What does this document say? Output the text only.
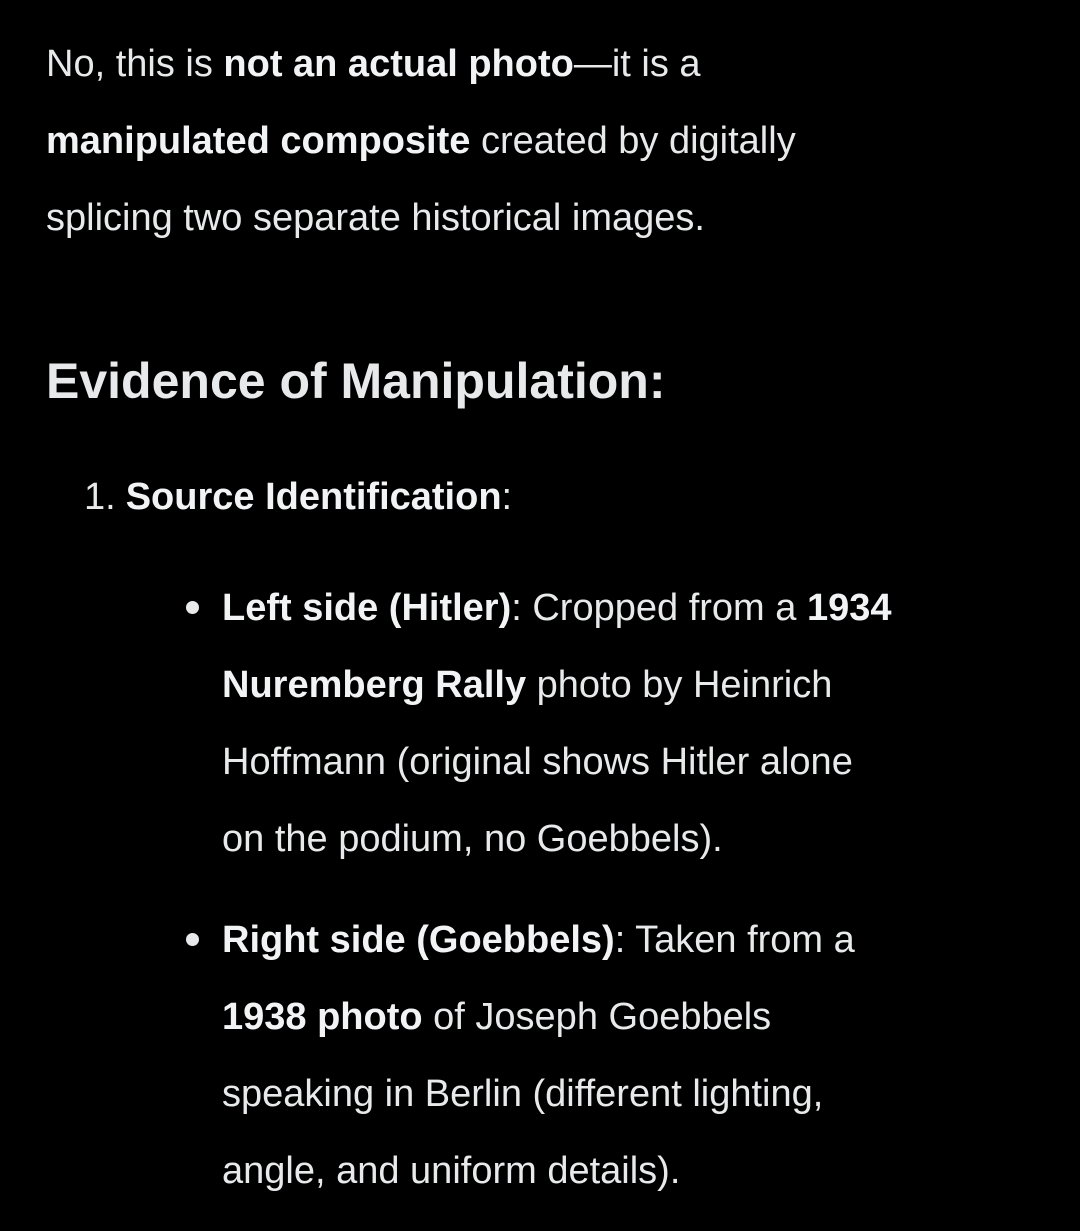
No, this is not an actual photo—it is a
manipulated composite created by digitally
splicing two separate historical images.

Evidence of Manipulation:
1. Source Identification:
Left side (Hitler): Cropped from a 1934
Nuremberg Rally photo by Heinrich
Hoffmann (original shows Hitler alone
on the podium, no Goebbels).
Right side (Goebbels): Taken from a
1938 photo of Joseph Goebbels
speaking in Berlin (different lighting,
angle, and uniform details).
